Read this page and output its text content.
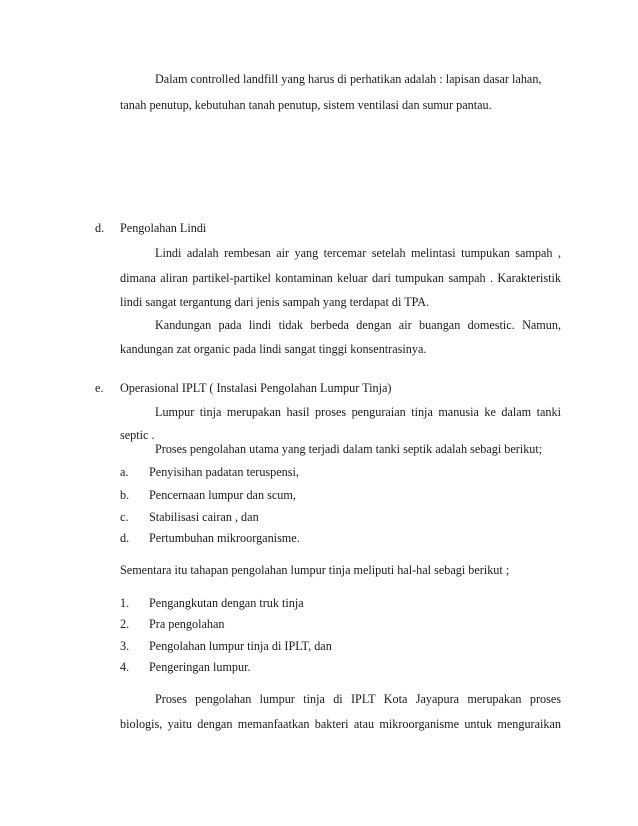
Dalam controlled landfill yang harus di perhatikan adalah : lapisan dasar lahan,
tanah penutup, kebutuhan tanah penutup, sistem ventilasi dan sumur pantau.
d. Pengolahan Lindi
Lindi adalah rembesan air yang tercemar setelah melintasi tumpukan sampah ,
dimana aliran partikel-partikel kontaminan keluar dari tumpukan sampah . Karakteristik
lindi sangat tergantung dari jenis sampah yang terdapat di TPA.
Kandungan pada lindi tidak berbeda dengan air buangan domestic. Namun,
kandungan zat organic pada lindi sangat tinggi konsentrasinya.
e. Operasional IPLT ( Instalasi Pengolahan Lumpur Tinja)
Lumpur tinja merupakan hasil proses penguraian tinja manusia ke dalam tanki
septic .
Proses pengolahan utama yang terjadi dalam tanki septik adalah sebagi berikut;
a. Penyisihan padatan teruspensi,
b. Pencernaan lumpur dan scum,
c. Stabilisasi cairan , dan
d. Pertumbuhan mikroorganisme.
Sementara itu tahapan pengolahan lumpur tinja meliputi hal-hal sebagi berikut ;
1. Pengangkutan dengan truk tinja
2. Pra pengolahan
3. Pengolahan lumpur tinja di IPLT, dan
4. Pengeringan lumpur.
Proses pengolahan lumpur tinja di IPLT Kota Jayapura merupakan proses
biologis, yaitu dengan memanfaatkan bakteri atau mikroorganisme untuk menguraikan
